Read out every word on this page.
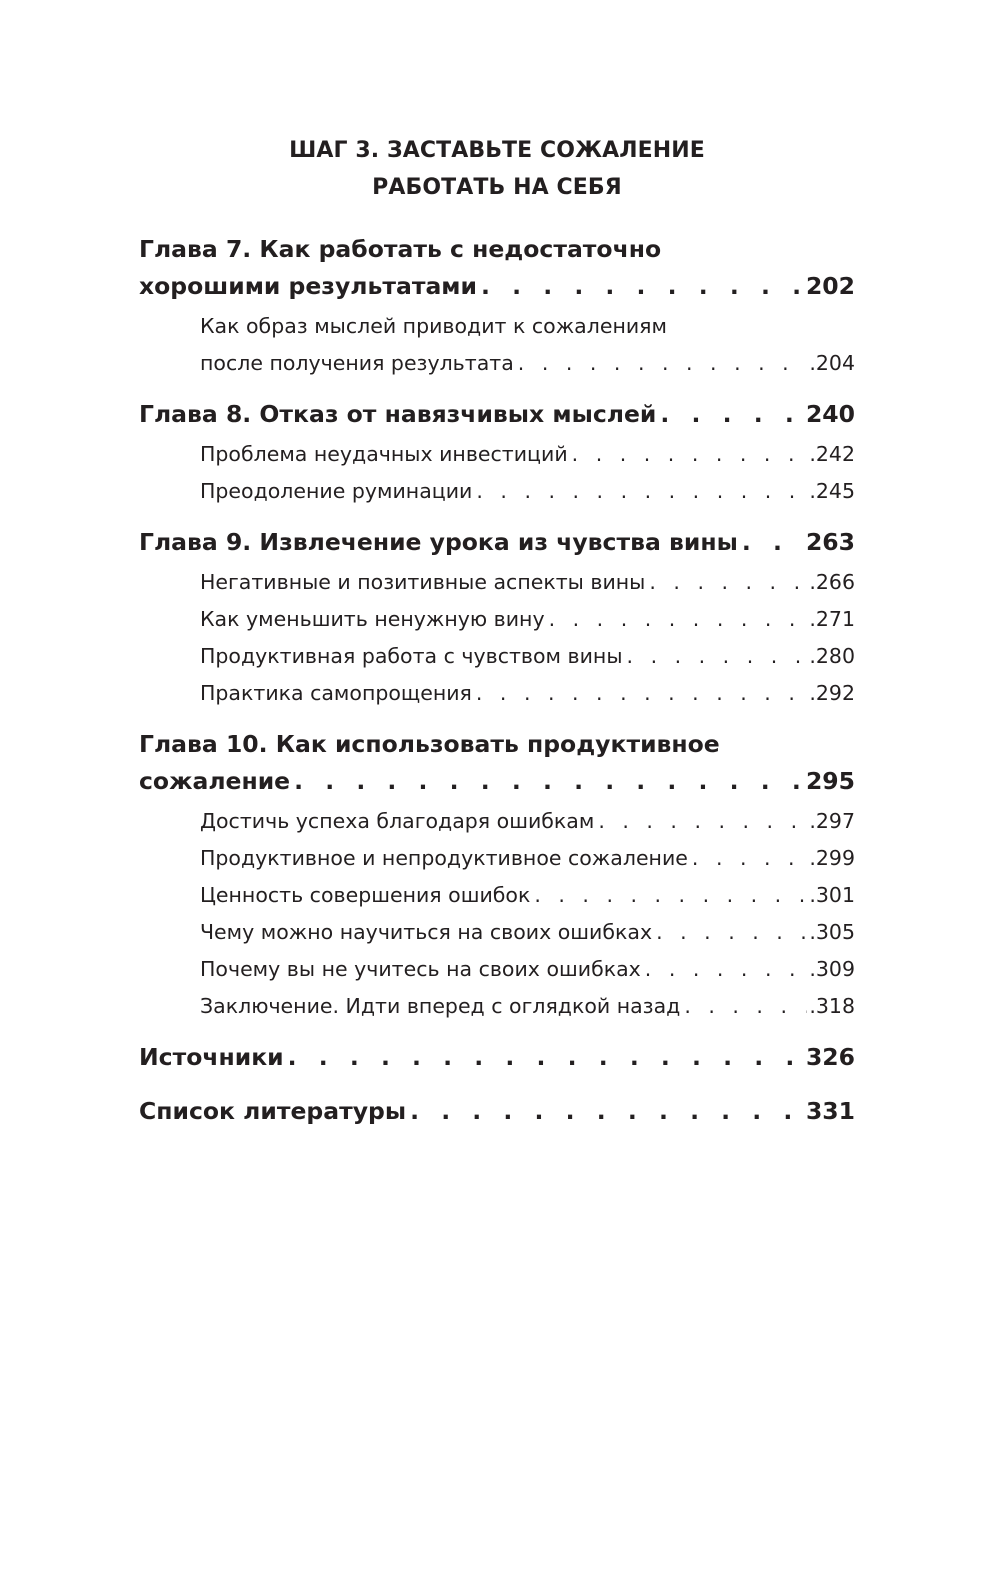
ШАГ 3. ЗАСТАВЬТЕ СОЖАЛЕНИЕ
РАБОТАТЬ НА СЕБЯ
Глава 7. Как работать с недостаточно
хорошими результатами . . .	202
Как образ мыслей приводит к сожалениям
после получения результата . . .	.204
Глава 8. Отказ от навязчивых мыслей . . .	240
Проблема неудачных инвестиций . . .	.242
Преодоление руминации . . .	.245
Глава 9. Извлечение урока из чувства вины . . .	263
Негативные и позитивные аспекты вины . . .	.266
Как уменьшить ненужную вину . . .	.271
Продуктивная работа с чувством вины . . .	.280
Практика самопрощения . . .	.292
Глава 10. Как использовать продуктивное
сожаление . . .	295
Достичь успеха благодаря ошибкам . . .	.297
Продуктивное и непродуктивное сожаление . . .	.299
Ценность совершения ошибок . . .	.301
Чему можно научиться на своих ошибках . . .	.305
Почему вы не учитесь на своих ошибках . . .	.309
Заключение. Идти вперед с оглядкой назад . . .	.318
Источники . . .	326
Список литературы . . .	331
